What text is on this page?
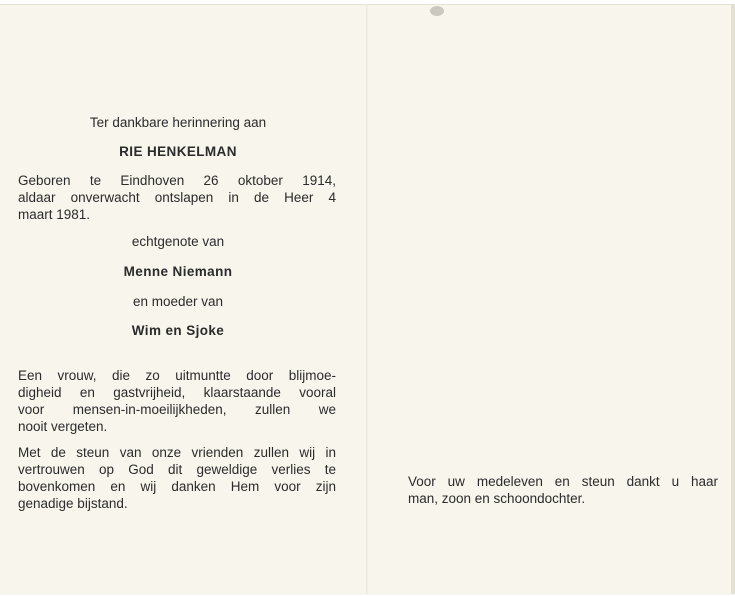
Ter dankbare herinnering aan
RIE HENKELMAN
Geboren te Eindhoven 26 oktober 1914,
aldaar onverwacht ontslapen in de Heer 4
maart 1981.
echtgenote van
Menne Niemann
en moeder van
Wim en Sjoke
Een vrouw, die zo uitmuntte door blijmoe-
digheid en gastvrijheid, klaarstaande vooral
voor mensen-in-moeilijkheden, zullen we
nooit vergeten.
Met de steun van onze vrienden zullen wij in
vertrouwen op God dit geweldige verlies te
bovenkomen en wij danken Hem voor zijn
genadige bijstand.
Voor uw medeleven en steun dankt u haar
man, zoon en schoondochter.
